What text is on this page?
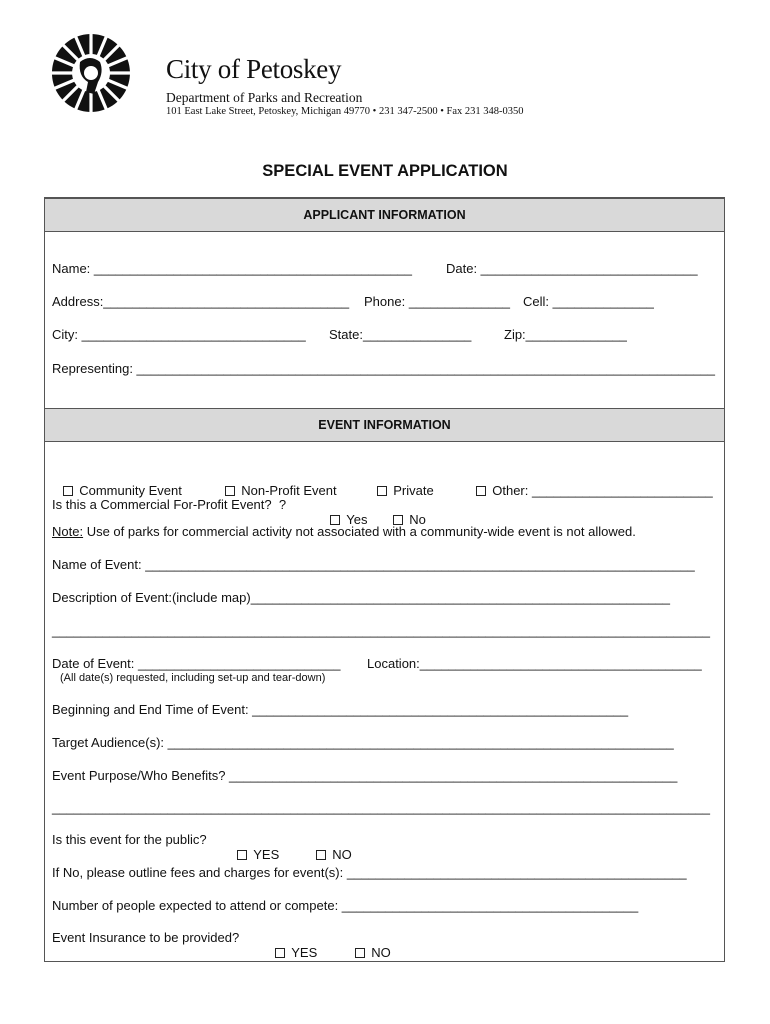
City of Petoskey
Department of Parks and Recreation
101 East Lake Street, Petoskey, Michigan 49770 • 231 347-2500 • Fax 231 348-0350
SPECIAL EVENT APPLICATION
APPLICANT INFORMATION
Name: ____________________________________________	Date: ______________________________
Address:__________________________________ Phone: ______________ Cell: ______________
City: _______________________________ State:_______________	Zip:______________
Representing: ________________________________________________________________________________
EVENT INFORMATION

Community Event	Non-Profit Event	Private	Other: _________________________

Is this a Commercial For-Profit Event?  ?

Yes	No

Note: Use of parks for commercial activity not associated with a community-wide event is not allowed.
Name of Event: ____________________________________________________________________________
Description of Event:(include map)__________________________________________________________
___________________________________________________________________________________________
Date of Event: ____________________________ Location:_______________________________________
(All date(s) requested, including set-up and tear-down)
Beginning and End Time of Event: ____________________________________________________
Target Audience(s): ______________________________________________________________________
Event Purpose/Who Benefits? ______________________________________________________________
___________________________________________________________________________________________
Is this event for the public?

YES	NO

If No, please outline fees and charges for event(s): _______________________________________________
Number of people expected to attend or compete: _________________________________________
Event Insurance to be provided?

YES	NO
